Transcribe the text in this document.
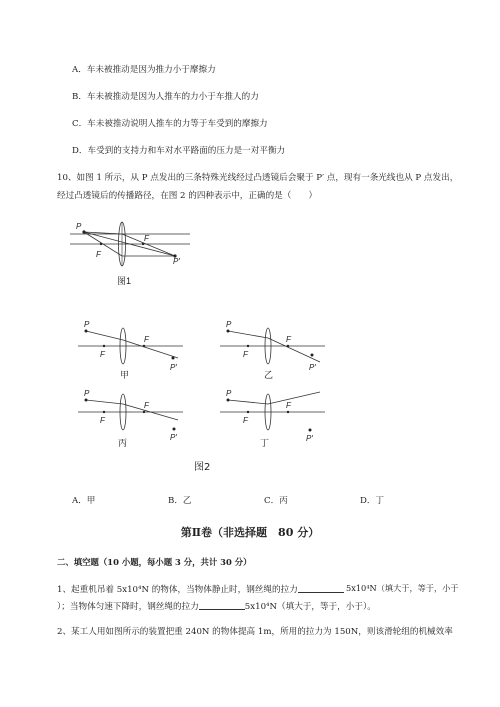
A．车未被推动是因为推力小于摩擦力
B．车未被推动是因为人推车的力小于车推人的力
C．车未被推动说明人推车的力等于车受到的摩擦力
D．车受到的支持力和车对水平路面的压力是一对平衡力
10、如图 1 所示，从 P 点发出的三条特殊光线经过凸透镜后会聚于 P′ 点，现有一条光线也从 P 点发出，
经过凸透镜后的传播路径，在图 2 的四种表示中，正确的是（　　）
P
F
F
P′
图1
P
F
F
P′
甲
P
F
F
P′
乙
P
F
F
P′
丙
P
F
F
P′
丁
图2
A．甲	B．乙	C．丙	D．丁
第Ⅱ卷（非选择题　80 分）
二、填空题（10 小题，每小题 3 分，共计 30 分）
1、起重机吊着 5x10⁴N 的物体，当物体静止时，钢丝绳的拉力	5x10⁴N（填大于，等于，小于
）；当物体匀速下降时，钢丝绳的拉力	5x10⁴N（填大于，等于，小于）。
2、某工人用如图所示的装置把重 240N 的物体提高 1m，所用的拉力为 150N，则该滑轮组的机械效率
